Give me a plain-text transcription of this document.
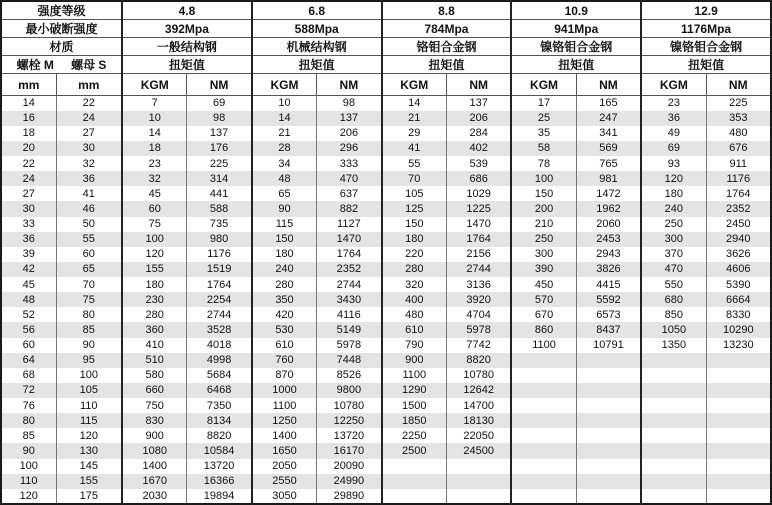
强度等级		4.8		6.8		8.8		10.9		12.9	
最小破断强度		392Mpa		588Mpa		784Mpa		941Mpa		1176Mpa	
材质		一般结构钢		机械结构钢		铬钼合金钢		镍铬钼合金钢		镍铬钼合金钢	

螺栓 M 螺母 S		扭矩值		扭矩值		扭矩值		扭矩值		扭矩值	
mm	mm	KGM	NM	KGM	NM	KGM	NM	KGM	NM	KGM	NM
14	22	7	69	10	98	14	137	17	165	23	225
16	24	10	98	14	137	21	206	25	247	36	353
18	27	14	137	21	206	29	284	35	341	49	480
20	30	18	176	28	296	41	402	58	569	69	676
22	32	23	225	34	333	55	539	78	765	93	911
24	36	32	314	48	470	70	686	100	981	120	1176
27	41	45	441	65	637	105	1029	150	1472	180	1764
30	46	60	588	90	882	125	1225	200	1962	240	2352
33	50	75	735	115	1127	150	1470	210	2060	250	2450
36	55	100	980	150	1470	180	1764	250	2453	300	2940
39	60	120	1176	180	1764	220	2156	300	2943	370	3626
42	65	155	1519	240	2352	280	2744	390	3826	470	4606
45	70	180	1764	280	2744	320	3136	450	4415	550	5390
48	75	230	2254	350	3430	400	3920	570	5592	680	6664
52	80	280	2744	420	4116	480	4704	670	6573	850	8330
56	85	360	3528	530	5149	610	5978	860	8437	1050	10290
60	90	410	4018	610	5978	790	7742	1100	10791	1350	13230
64	95	510	4998	760	7448	900	8820				
68	100	580	5684	870	8526	1100	10780				
72	105	660	6468	1000	9800	1290	12642				
76	110	750	7350	1100	10780	1500	14700				
80	115	830	8134	1250	12250	1850	18130				
85	120	900	8820	1400	13720	2250	22050				
90	130	1080	10584	1650	16170	2500	24500				
100	145	1400	13720	2050	20090						
110	155	1670	16366	2550	24990						
120	175	2030	19894	3050	29890						
